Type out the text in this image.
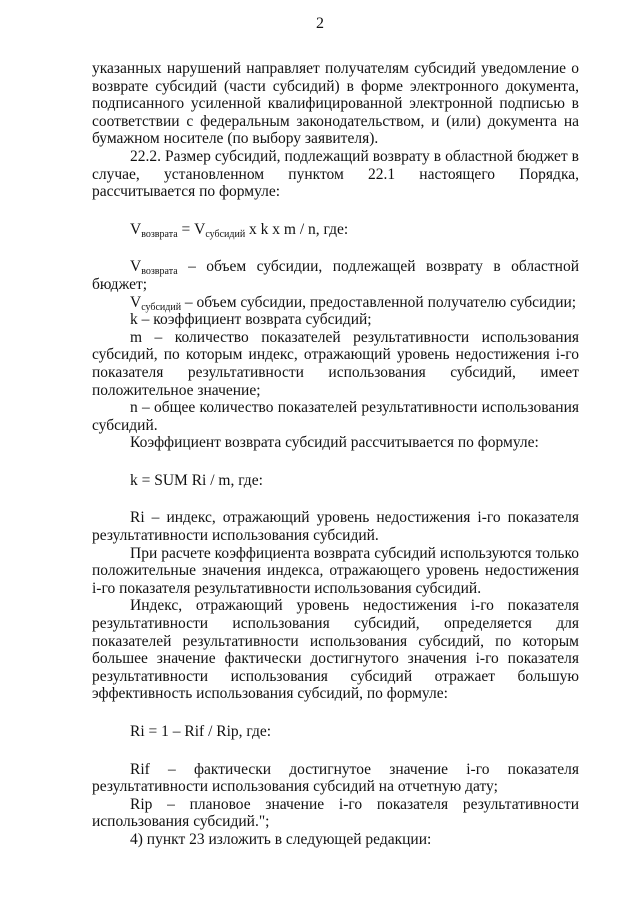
2

указанных нарушений направляет получателям субсидий уведомление о возврате субсидий (части субсидий) в форме электронного документа, подписанного усиленной квалифицированной электронной подписью в соответствии с федеральным законодательством, и (или) документа на бумажном носителе (по выбору заявителя).

22.2. Размер субсидий, подлежащий возврату в областной бюджет в случае, установленном пунктом 22.1 настоящего Порядка, рассчитывается по формуле:

$V_{возврата} = V_{субсидий}$ x k x m / n, где:

$V_{возврата}$ – объем субсидии, подлежащей возврату в областной бюджет;

$V_{субсидий}$ – объем субсидии, предоставленной получателю субсидии;

k – коэффициент возврата субсидий;

m – количество показателей результативности использования субсидий, по которым индекс, отражающий уровень недостижения i-го показателя результативности использования субсидий, имеет положительное значение;

n – общее количество показателей результативности использования субсидий.

Коэффициент возврата субсидий рассчитывается по формуле:

k = SUM Ri / m, где:

Ri – индекс, отражающий уровень недостижения i-го показателя результативности использования субсидий.

При расчете коэффициента возврата субсидий используются только положительные значения индекса, отражающего уровень недостижения i-го показателя результативности использования субсидий.

Индекс, отражающий уровень недостижения i-го показателя результативности использования субсидий, определяется для показателей результативности использования субсидий, по которым большее значение фактически достигнутого значения i-го показателя результативности использования субсидий отражает большую эффективность использования субсидий, по формуле:

Ri = 1 – Rif / Rip, где:

Rif – фактически достигнутое значение i-го показателя результативности использования субсидий на отчетную дату;

Rip – плановое значение i-го показателя результативности использования субсидий.";

4) пункт 23 изложить в следующей редакции:
